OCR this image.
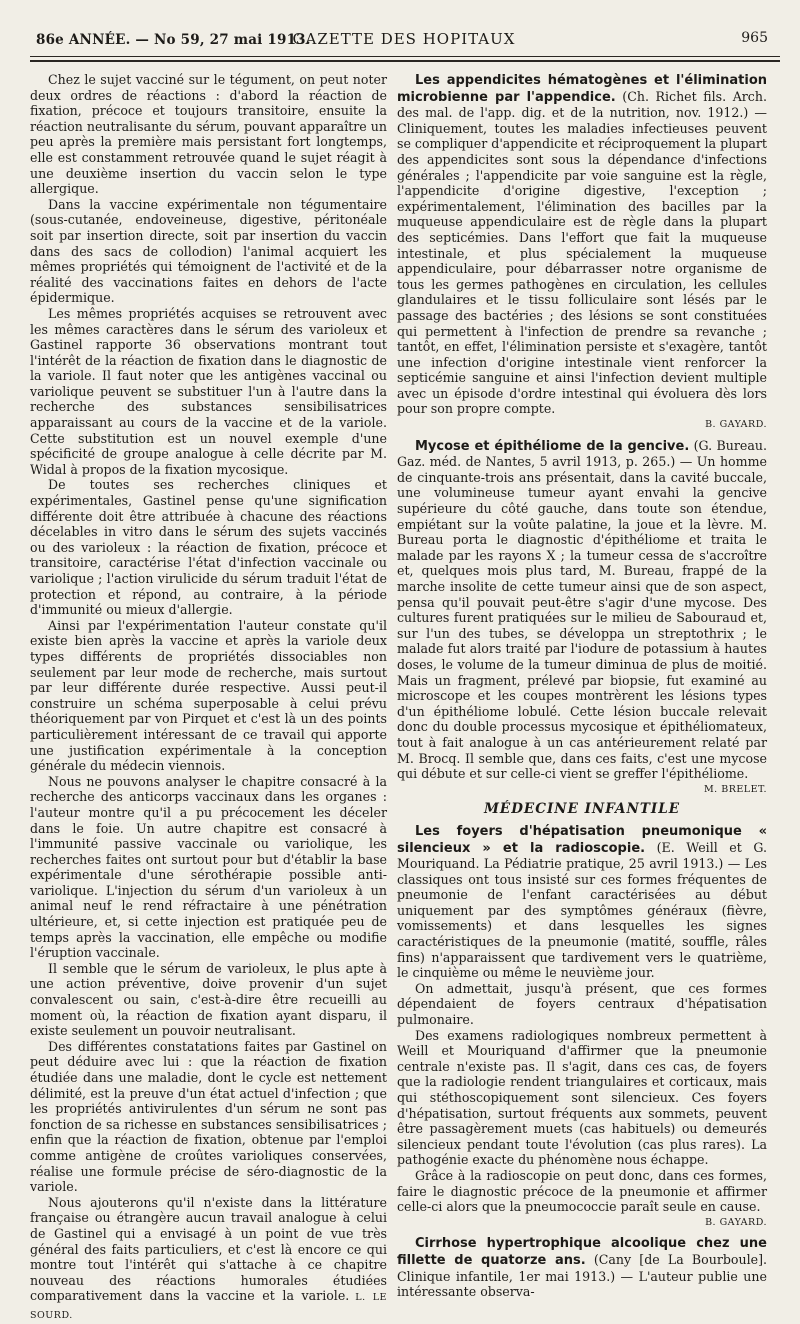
86e ANNÉE. — No 59, 27 mai 1913.
GAZETTE DES HOPITAUX	965

Chez le sujet vacciné sur le tégument, on peut noter deux ordres de réactions : d'abord la réaction de fixation, précoce et toujours transitoire, ensuite la réaction neutralisante du sérum, pouvant apparaître un peu après la première mais persistant fort longtemps, elle est constamment retrouvée quand le sujet réagit à une deuxième insertion du vaccin selon le type allergique.

Dans la vaccine expérimentale non tégumentaire (sous-cutanée, endoveineuse, digestive, péritonéale soit par insertion directe, soit par insertion du vaccin dans des sacs de collodion) l'animal acquiert les mêmes propriétés qui témoignent de l'activité et de la réalité des vaccinations faites en dehors de l'acte épidermique.

Les mêmes propriétés acquises se retrouvent avec les mêmes caractères dans le sérum des varioleux et Gastinel rapporte 36 observations montrant tout l'intérêt de la réaction de fixation dans le diagnostic de la variole. Il faut noter que les antigènes vaccinal ou variolique peuvent se substituer l'un à l'autre dans la recherche des substances sensibilisatrices apparaissant au cours de la vaccine et de la variole. Cette substitution est un nouvel exemple d'une spécificité de groupe analogue à celle décrite par M. Widal à propos de la fixation mycosique.

De toutes ses recherches cliniques et expérimentales, Gastinel pense qu'une signification différente doit être attribuée à chacune des réactions décelables in vitro dans le sérum des sujets vaccinés ou des varioleux : la réaction de fixation, précoce et transitoire, caractérise l'état d'infection vaccinale ou variolique ; l'action virulicide du sérum traduit l'état de protection et répond, au contraire, à la période d'immunité ou mieux d'allergie.

Ainsi par l'expérimentation l'auteur constate qu'il existe bien après la vaccine et après la variole deux types différents de propriétés dissociables non seulement par leur mode de recherche, mais surtout par leur différente durée respective. Aussi peut-il construire un schéma superposable à celui prévu théoriquement par von Pirquet et c'est là un des points particulièrement intéressant de ce travail qui apporte une justification expérimentale à la conception générale du médecin viennois.

Nous ne pouvons analyser le chapitre consacré à la recherche des anticorps vaccinaux dans les organes : l'auteur montre qu'il a pu précocement les déceler dans le foie. Un autre chapitre est consacré à l'immunité passive vaccinale ou variolique, les recherches faites ont surtout pour but d'établir la base expérimentale d'une sérothérapie possible anti-variolique. L'injection du sérum d'un varioleux à un animal neuf le rend réfractaire à une pénétration ultérieure, et, si cette injection est pratiquée peu de temps après la vaccination, elle empêche ou modifie l'éruption vaccinale.

Il semble que le sérum de varioleux, le plus apte à une action préventive, doive provenir d'un sujet convalescent ou sain, c'est-à-dire être recueilli au moment où, la réaction de fixation ayant disparu, il existe seulement un pouvoir neutralisant.

Des différentes constatations faites par Gastinel on peut déduire avec lui : que la réaction de fixation étudiée dans une maladie, dont le cycle est nettement délimité, est la preuve d'un état actuel d'infection ; que les propriétés antivirulentes d'un sérum ne sont pas fonction de sa richesse en substances sensibilisatrices ; enfin que la réaction de fixation, obtenue par l'emploi comme antigène de croûtes varioliques conservées, réalise une formule précise de séro-diagnostic de la variole.

Nous ajouterons qu'il n'existe dans la littérature française ou étrangère aucun travail analogue à celui de Gastinel qui a envisagé à un point de vue très général des faits particuliers, et c'est là encore ce qui montre tout l'intérêt qui s'attache à ce chapitre nouveau des réactions humorales étudiées comparativement dans la vaccine et la variole. L. LE SOURD.

Les appendicites hématogènes et l'élimination microbienne par l'appendice. (Ch. Richet fils. Arch. des mal. de l'app. dig. et de la nutrition, nov. 1912.) — Cliniquement, toutes les maladies infectieuses peuvent se compliquer d'appendicite et réciproquement la plupart des appendicites sont sous la dépendance d'infections générales ; l'appendicite par voie sanguine est la règle, l'appendicite d'origine digestive, l'exception ; expérimentalement, l'élimination des bacilles par la muqueuse appendiculaire est de règle dans la plupart des septicémies. Dans l'effort que fait la muqueuse intestinale, et plus spécialement la muqueuse appendiculaire, pour débarrasser notre organisme de tous les germes pathogènes en circulation, les cellules glandulaires et le tissu folliculaire sont lésés par le passage des bactéries ; des lésions se sont constituées qui permettent à l'infection de prendre sa revanche ; tantôt, en effet, l'élimination persiste et s'exagère, tantôt une infection d'origine intestinale vient renforcer la septicémie sanguine et ainsi l'infection devient multiple avec un épisode d'ordre intestinal qui évoluera dès lors pour son propre compte.

B. GAYARD.

Mycose et épithéliome de la gencive. (G. Bureau. Gaz. méd. de Nantes, 5 avril 1913, p. 265.) — Un homme de cinquante-trois ans présentait, dans la cavité buccale, une volumineuse tumeur ayant envahi la gencive supérieure du côté gauche, dans toute son étendue, empiétant sur la voûte palatine, la joue et la lèvre. M. Bureau porta le diagnostic d'épithéliome et traita le malade par les rayons X ; la tumeur cessa de s'accroître et, quelques mois plus tard, M. Bureau, frappé de la marche insolite de cette tumeur ainsi que de son aspect, pensa qu'il pouvait peut-être s'agir d'une mycose. Des cultures furent pratiquées sur le milieu de Sabouraud et, sur l'un des tubes, se développa un streptothrix ; le malade fut alors traité par l'iodure de potassium à hautes doses, le volume de la tumeur diminua de plus de moitié. Mais un fragment, prélevé par biopsie, fut examiné au microscope et les coupes montrèrent les lésions types d'un épithéliome lobulé. Cette lésion buccale relevait donc du double processus mycosique et épithéliomateux, tout à fait analogue à un cas antérieurement relaté par M. Brocq. Il semble que, dans ces faits, c'est une mycose qui débute et sur celle-ci vient se greffer l'épithéliome.

M. BRELET.
MÉDECINE INFANTILE

Les foyers d'hépatisation pneumonique « silencieux » et la radioscopie. (E. Weill et G. Mouriquand. La Pédiatrie pratique, 25 avril 1913.) — Les classiques ont tous insisté sur ces formes fréquentes de pneumonie de l'enfant caractérisées au début uniquement par des symptômes généraux (fièvre, vomissements) et dans lesquelles les signes caractéristiques de la pneumonie (matité, souffle, râles fins) n'apparaissent que tardivement vers le quatrième, le cinquième ou même le neuvième jour.

On admettait, jusqu'à présent, que ces formes dépendaient de foyers centraux d'hépatisation pulmonaire.

Des examens radiologiques nombreux permettent à Weill et Mouriquand d'affirmer que la pneumonie centrale n'existe pas. Il s'agit, dans ces cas, de foyers que la radiologie rendent triangulaires et corticaux, mais qui stéthoscopiquement sont silencieux. Ces foyers d'hépatisation, surtout fréquents aux sommets, peuvent être passagèrement muets (cas habituels) ou demeurés silencieux pendant toute l'évolution (cas plus rares). La pathogénie exacte du phénomène nous échappe.

Grâce à la radioscopie on peut donc, dans ces formes, faire le diagnostic précoce de la pneumonie et affirmer celle-ci alors que la pneumococcie paraît seule en cause.

B. GAYARD.

Cirrhose hypertrophique alcoolique chez une fillette de quatorze ans. (Cany [de La Bourboule]. Clinique infantile, 1er mai 1913.) — L'auteur publie une intéressante observa-
